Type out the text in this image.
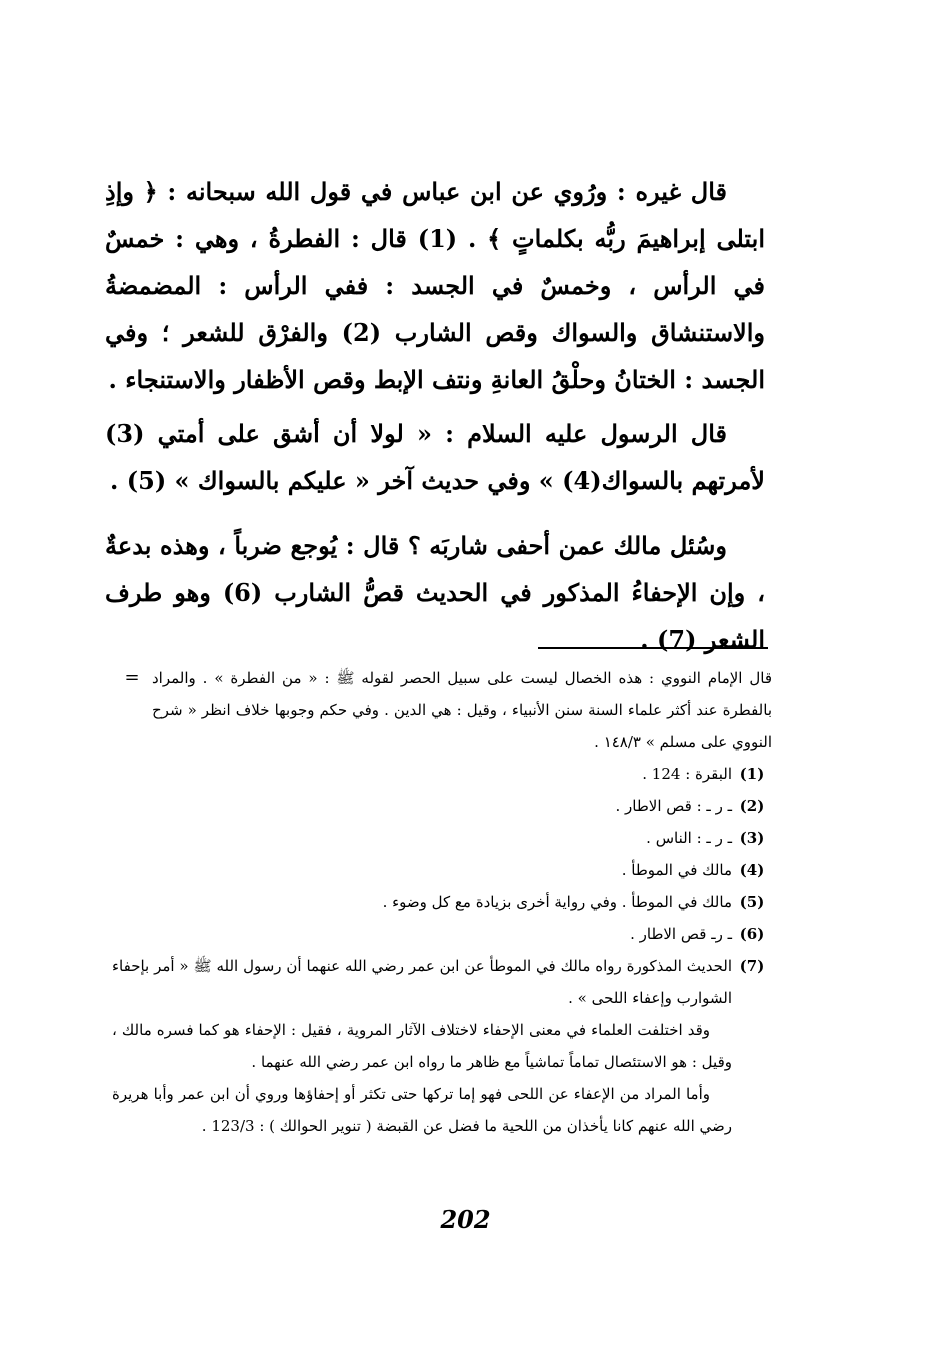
قال غيره : ورُوي عن ابن عباس في قول الله سبحانه : ﴿ وإذِ ابتلى إبراهيمَ ربُّه بكلماتٍ ﴾ . (1) قال : الفطرةُ ، وهي : خمسٌ في الرأس ، وخمسٌ في الجسد : ففي الرأس : المضمضةُ والاستنشاق والسواك وقص الشارب (2) والفرْق للشعر ؛ وفي الجسد : الختانُ وحلْقُ العانةِ ونتف الإبط وقص الأظفار والاستنجاء .
قال الرسول عليه السلام : « لولا أن أشق على أمتي (3) لأمرتهم بالسواك(4) » وفي حديث آخر « عليكم بالسواك » (5) .
وسُئل مالك عمن أحفى شاربَه ؟ قال : يُوجع ضرباً ، وهذه بدعةٌ ، وإن الإحفاءُ المذكور في الحديث قصُّ الشارب (6) وهو طرف الشعر (7) .
قال الإمام النووي : هذه الخصال ليست على سبيل الحصر لقوله ﷺ : « من الفطرة » . والمراد بالفطرة عند أكثر علماء السنة سنن الأنبياء ، وقيل : هي الدين . وفي حكم وجوبها خلاف انظر « شرح النووي على مسلم » ١٤٨/٣ .
=
(1)
البقرة : 124 .
(2)
ـ ر ـ : قص الاطار .
(3)
ـ ر ـ : الناس .
(4)
مالك في الموطأ .
(5)
مالك في الموطأ . وفي رواية أخرى بزيادة مع كل وضوء .
(6)
ـ رـ قص الاطار .
(7)
الحديث المذكورة رواه مالك في الموطأ عن ابن عمر رضي الله عنهما أن رسول الله ﷺ « أمر بإحفاء الشوارب وإعفاء اللحى » .
وقد اختلفت العلماء في معنى الإحفاء لاختلاف الآثار المروية ، فقيل : الإحفاء هو كما فسره مالك ، وقيل : هو الاستئصال تماماً تماشياً مع ظاهر ما رواه ابن عمر رضي الله عنهما .
وأما المراد من الإعفاء عن اللحى فهو إما تركها حتى تكثر أو إحفاؤها وروي أن ابن عمر وأبا هريرة رضي الله عنهم كانا يأخذان من اللحية ما فضل عن القبضة ( تنوير الحوالك ) : 123/3 .
202
